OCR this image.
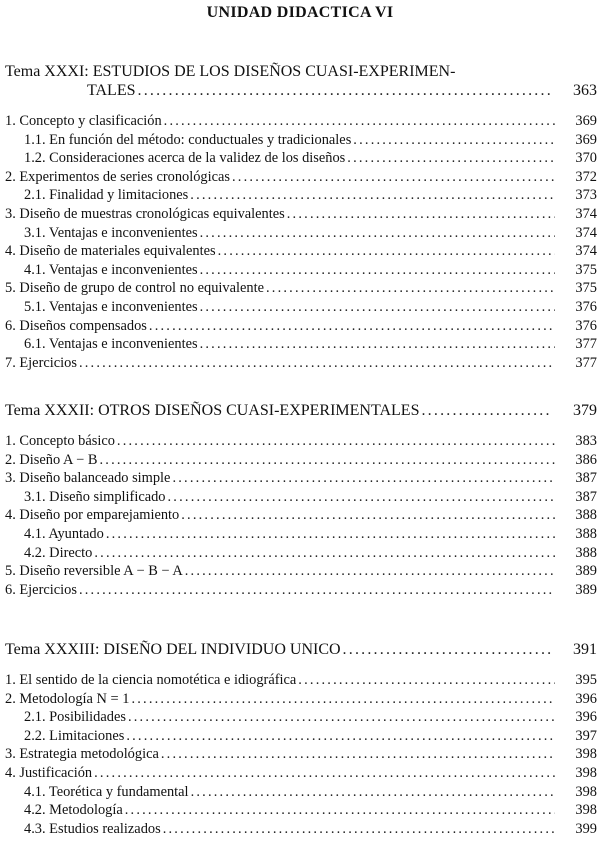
UNIDAD DIDACTICA VI
Tema XXXI: ESTUDIOS DE LOS DISEÑOS CUASI-EXPERIMEN-
TALES .....	363
1. Concepto y clasificación .....	369
1.1. En función del método: conductuales y tradicionales .....	369
1.2. Consideraciones acerca de la validez de los diseños .....	370
2. Experimentos de series cronológicas .....	372
2.1. Finalidad y limitaciones .....	373
3. Diseño de muestras cronológicas equivalentes .....	374
3.1. Ventajas e inconvenientes .....	374
4. Diseño de materiales equivalentes .....	374
4.1. Ventajas e inconvenientes .....	375
5. Diseño de grupo de control no equivalente .....	375
5.1. Ventajas e inconvenientes .....	376
6. Diseños compensados .....	376
6.1. Ventajas e inconvenientes .....	377
7. Ejercicios .....	377
Tema XXXII: OTROS DISEÑOS CUASI-EXPERIMENTALES .....	379
1. Concepto básico .....	383
2. Diseño A − B .....	386
3. Diseño balanceado simple .....	387
3.1. Diseño simplificado .....	387
4. Diseño por emparejamiento .....	388
4.1. Ayuntado .....	388
4.2. Directo .....	388
5. Diseño reversible A − B − A .....	389
6. Ejercicios .....	389
Tema XXXIII: DISEÑO DEL INDIVIDUO UNICO .....	391
1. El sentido de la ciencia nomotética e idiográfica .....	395
2. Metodología N = 1 .....	396
2.1. Posibilidades .....	396
2.2. Limitaciones .....	397
3. Estrategia metodológica .....	398
4. Justificación .....	398
4.1. Teorética y fundamental .....	398
4.2. Metodología .....	398
4.3. Estudios realizados .....	399
